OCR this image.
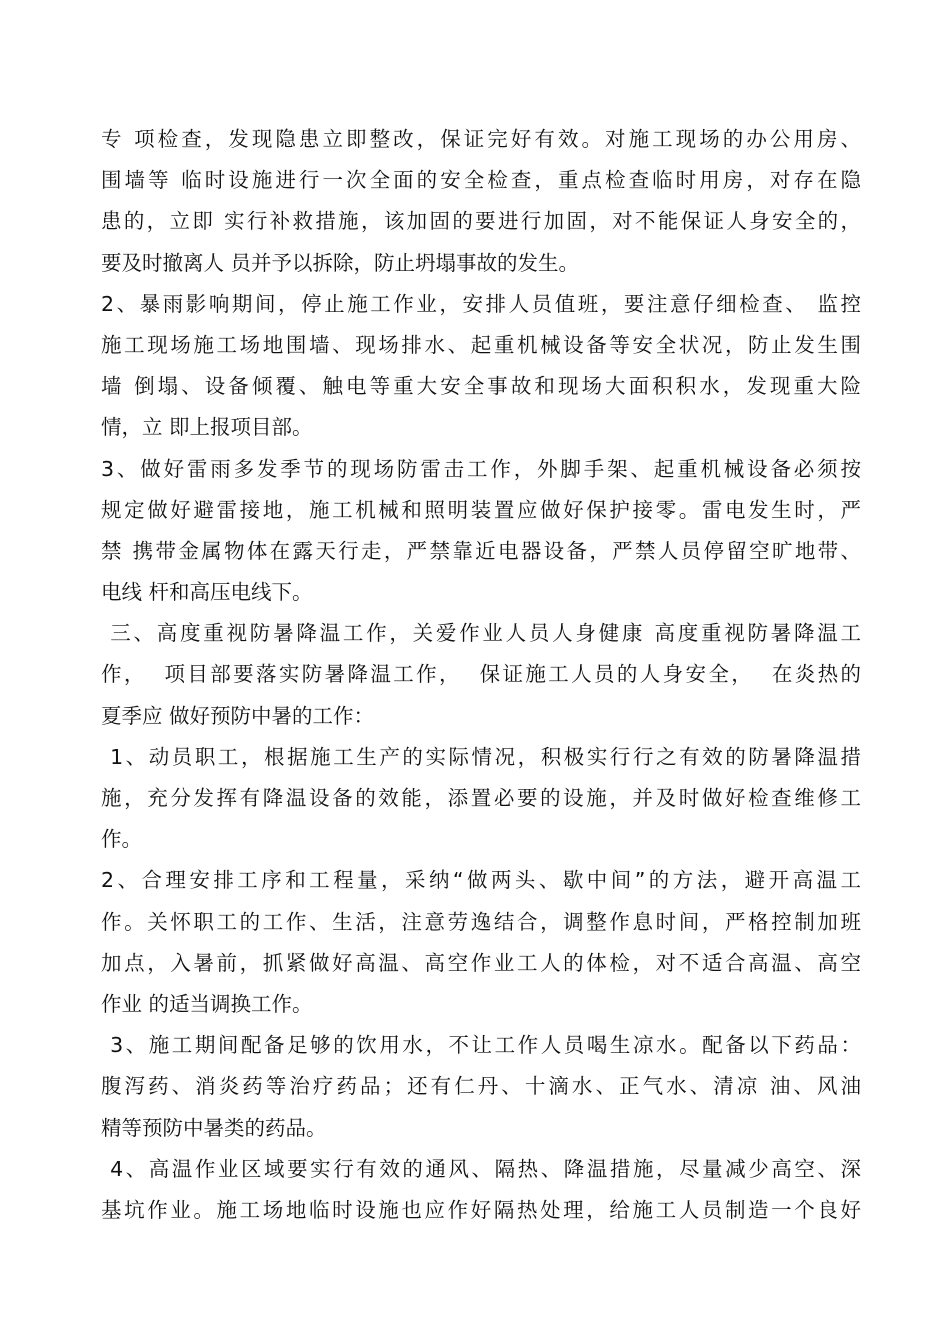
专 项检查，发现隐患立即整改，保证完好有效。对施工现场的办公用房、
围墙等 临时设施进行一次全面的安全检查，重点检查临时用房，对存在隐
患的，立即 实行补救措施，该加固的要进行加固，对不能保证人身安全的，
要及时撤离人 员并予以拆除，防止坍塌事故的发生。
2、暴雨影响期间，停止施工作业，安排人员值班，要注意仔细检查、 监控
施工现场施工场地围墙、现场排水、起重机械设备等安全状况，防止发生围
墙 倒塌、设备倾覆、触电等重大安全事故和现场大面积积水，发现重大险
情，立 即上报项目部。
3、做好雷雨多发季节的现场防雷击工作，外脚手架、起重机械设备必须按
规定做好避雷接地，施工机械和照明装置应做好保护接零。雷电发生时，严
禁 携带金属物体在露天行走，严禁靠近电器设备，严禁人员停留空旷地带、
电线 杆和高压电线下。
三、高度重视防暑降温工作，关爱作业人员人身健康 高度重视防暑降温工
作，  项目部要落实防暑降温工作，  保证施工人员的人身安全，  在炎热的
夏季应 做好预防中暑的工作：
1、动员职工，根据施工生产的实际情况，积极实行行之有效的防暑降温措
施，充分发挥有降温设备的效能，添置必要的设施，并及时做好检查维修工
作。
2、合理安排工序和工程量，采纳“做两头、歇中间”的方法，避开高温工
作。关怀职工的工作、生活，注意劳逸结合，调整作息时间，严格控制加班
加点，入暑前，抓紧做好高温、高空作业工人的体检，对不适合高温、高空
作业 的适当调换工作。
3、施工期间配备足够的饮用水，不让工作人员喝生凉水。配备以下药品：
腹泻药、消炎药等治疗药品；还有仁丹、十滴水、正气水、清凉 油、风油
精等预防中暑类的药品。
4、高温作业区域要实行有效的通风、隔热、降温措施，尽量减少高空、深
基坑作业。施工场地临时设施也应作好隔热处理，给施工人员制造一个良好
